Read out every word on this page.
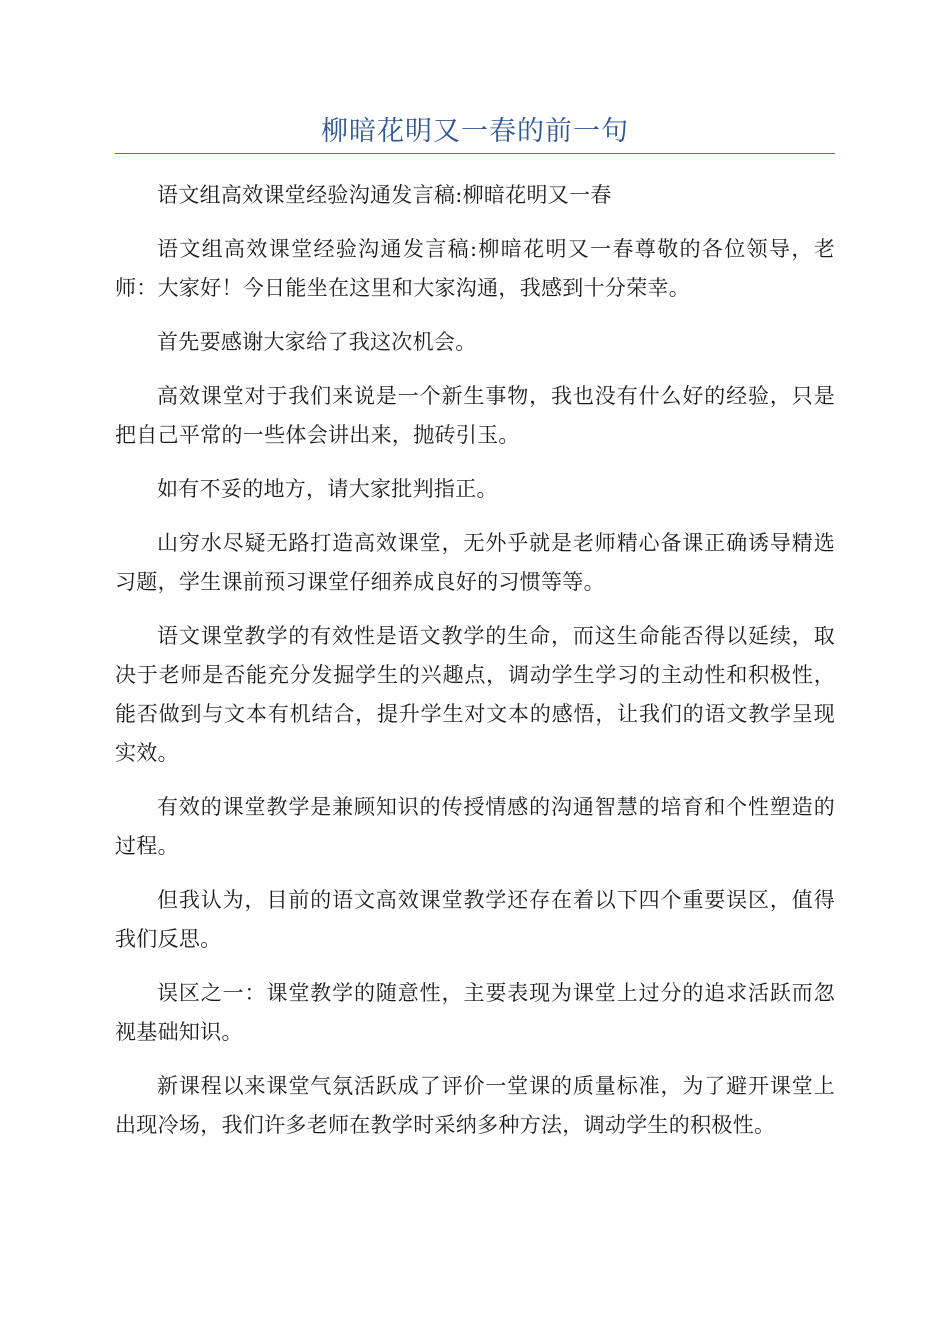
柳暗花明又一春的前一句

语文组高效课堂经验沟通发言稿:柳暗花明又一春

语文组高效课堂经验沟通发言稿:柳暗花明又一春尊敬的各位领导，老师：大家好！今日能坐在这里和大家沟通，我感到十分荣幸。

首先要感谢大家给了我这次机会。

高效课堂对于我们来说是一个新生事物，我也没有什么好的经验，只是把自己平常的一些体会讲出来，抛砖引玉。

如有不妥的地方，请大家批判指正。

山穷水尽疑无路打造高效课堂，无外乎就是老师精心备课正确诱导精选习题，学生课前预习课堂仔细养成良好的习惯等等。

语文课堂教学的有效性是语文教学的生命，而这生命能否得以延续，取决于老师是否能充分发掘学生的兴趣点，调动学生学习的主动性和积极性，能否做到与文本有机结合，提升学生对文本的感悟，让我们的语文教学呈现实效。

有效的课堂教学是兼顾知识的传授情感的沟通智慧的培育和个性塑造的过程。

但我认为，目前的语文高效课堂教学还存在着以下四个重要误区，值得我们反思。

误区之一：课堂教学的随意性，主要表现为课堂上过分的追求活跃而忽视基础知识。

新课程以来课堂气氛活跃成了评价一堂课的质量标准，为了避开课堂上出现冷场，我们许多老师在教学时采纳多种方法，调动学生的积极性。
